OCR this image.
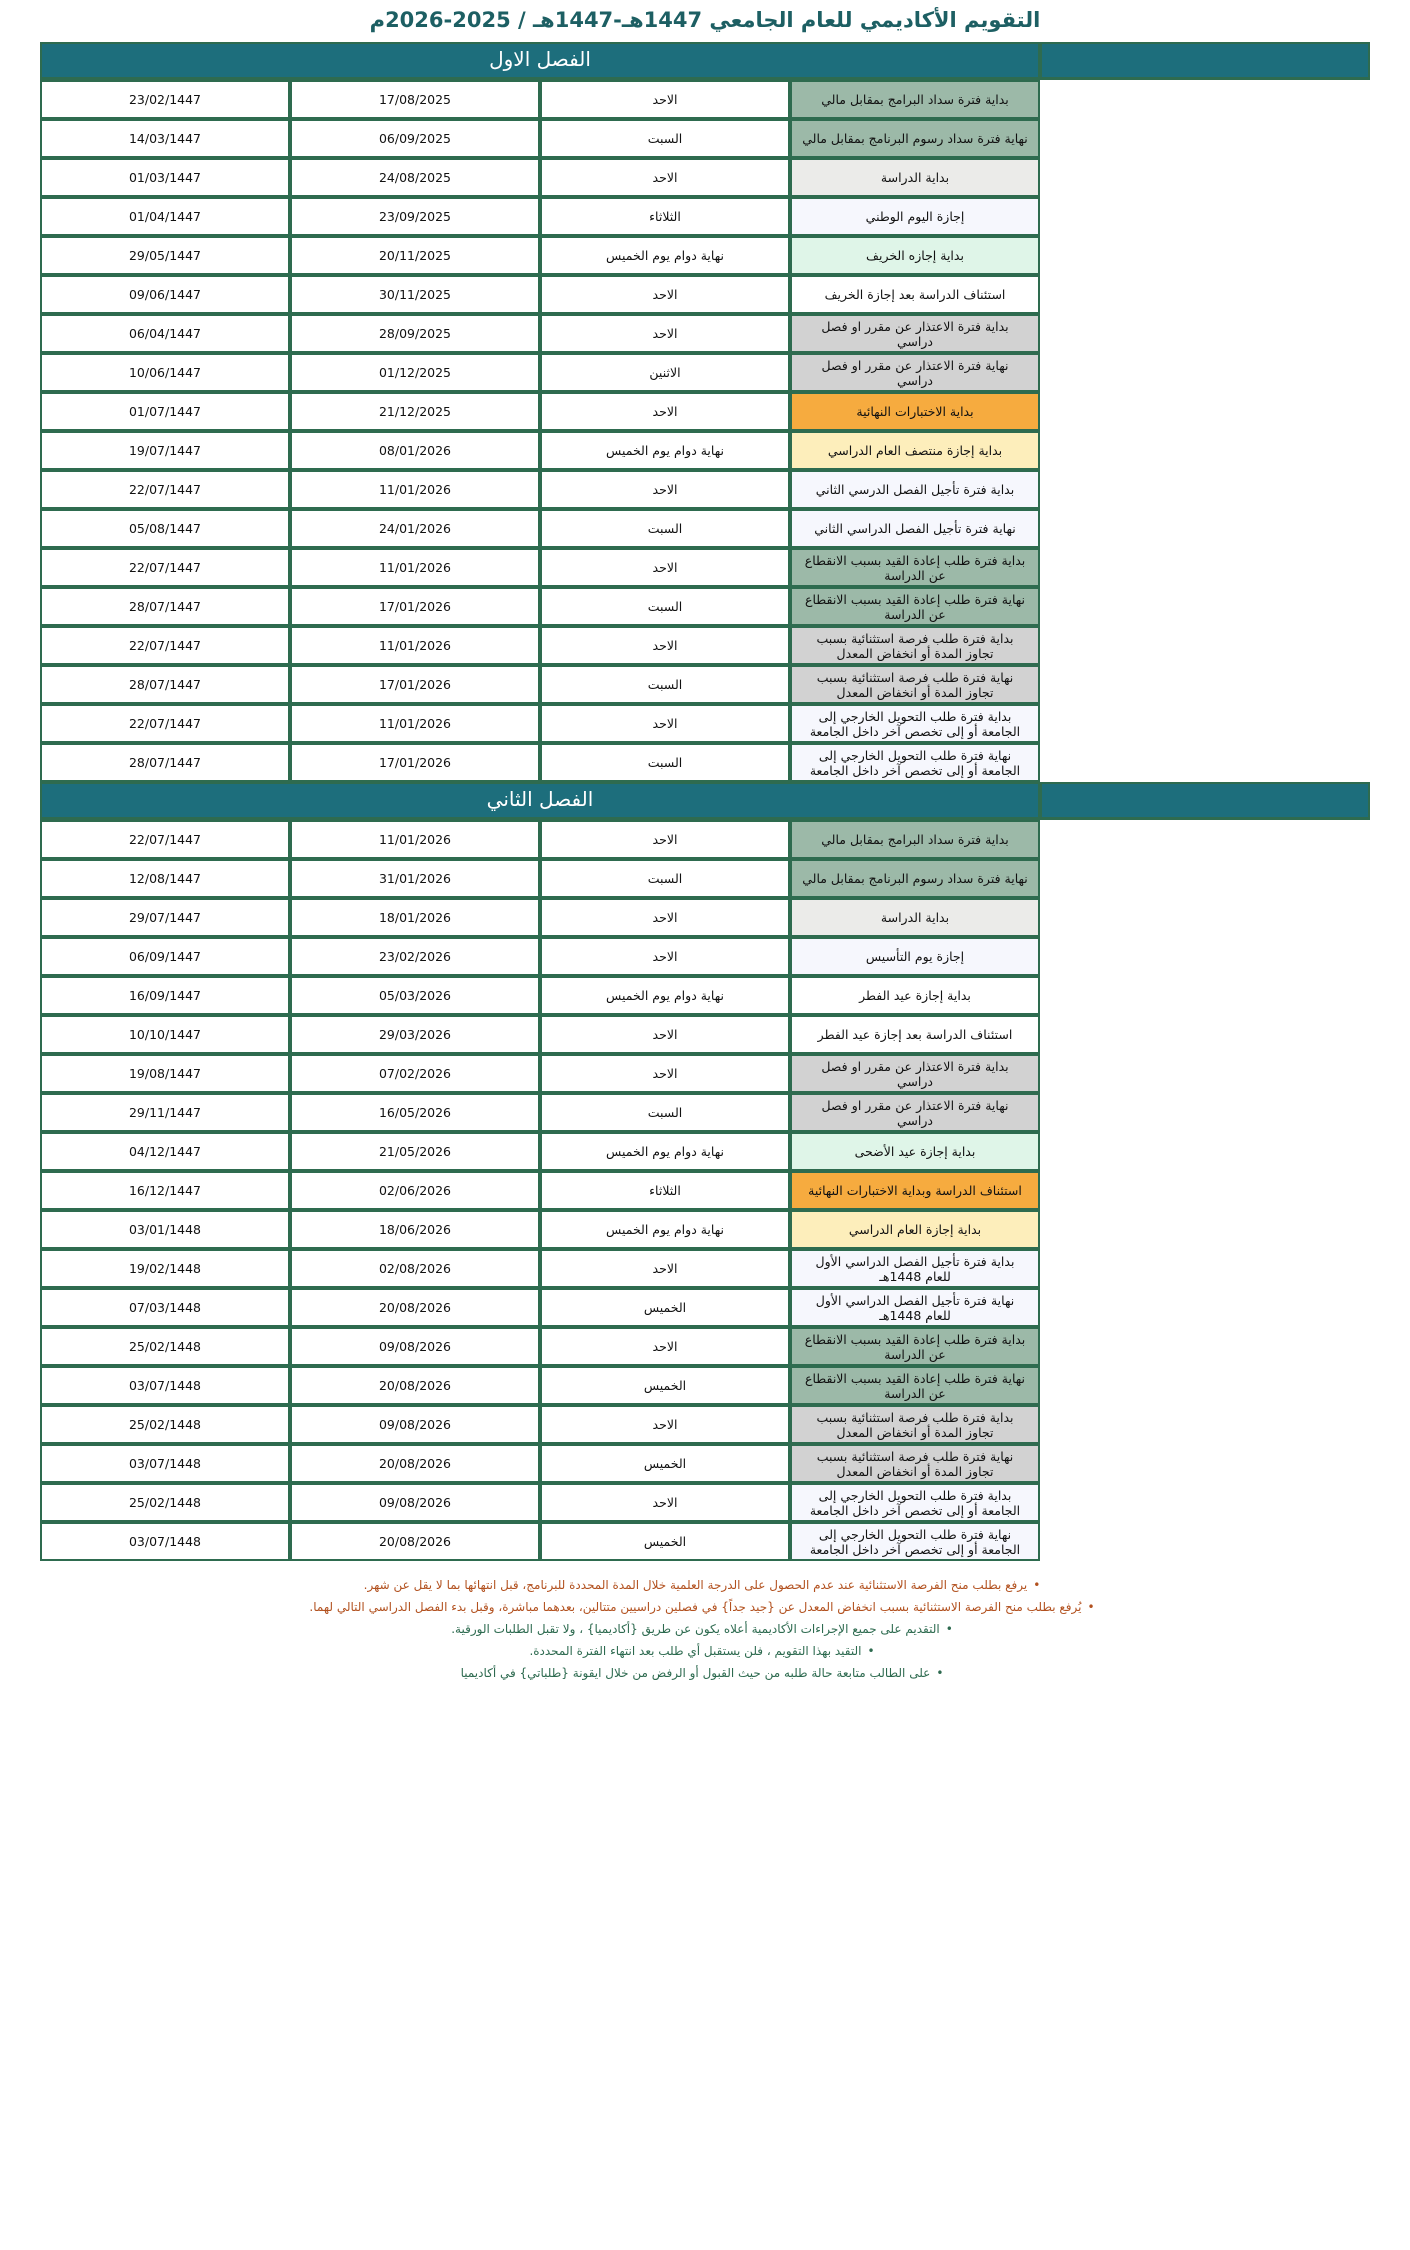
التقويم الأكاديمي للعام الجامعي 1447هـ-1447هـ / 2025-2026م
	الفصل الاول			
	بداية فترة سداد البرامج بمقابل مالي	الاحد	17/08/2025	23/02/1447
	نهاية فترة سداد رسوم البرنامج بمقابل مالي	السبت	06/09/2025	14/03/1447
	بداية الدراسة	الاحد	24/08/2025	01/03/1447
	إجازة اليوم الوطني	الثلاثاء	23/09/2025	01/04/1447
	بداية إجازه الخريف	نهاية دوام يوم الخميس	20/11/2025	29/05/1447
	استئناف الدراسة بعد إجازة الخريف	الاحد	30/11/2025	09/06/1447
	بداية فترة الاعتذار عن مقرر او فصل دراسي	الاحد	28/09/2025	06/04/1447
	نهاية فترة الاعتذار عن مقرر او فصل دراسي	الاثنين	01/12/2025	10/06/1447
	بداية الاختبارات النهائية	الاحد	21/12/2025	01/07/1447
	بداية إجازة منتصف العام الدراسي	نهاية دوام يوم الخميس	08/01/2026	19/07/1447
	بداية فترة تأجيل الفصل الدرسي الثاني	الاحد	11/01/2026	22/07/1447
	نهاية فترة تأجيل الفصل الدراسي الثاني	السبت	24/01/2026	05/08/1447
	بداية فترة طلب إعادة القيد بسبب الانقطاع عن الدراسة	الاحد	11/01/2026	22/07/1447
	نهاية فترة طلب إعادة القيد بسبب الانقطاع عن الدراسة	السبت	17/01/2026	28/07/1447
	بداية فترة طلب فرصة استثنائية بسبب تجاوز المدة أو انخفاض المعدل	الاحد	11/01/2026	22/07/1447
	نهاية فترة طلب فرصة استثنائية بسبب تجاوز المدة أو انخفاض المعدل	السبت	17/01/2026	28/07/1447
	بداية فترة طلب التحويل الخارجي إلى الجامعة أو إلى تخصص آخر داخل الجامعة	الاحد	11/01/2026	22/07/1447
	نهاية فترة طلب التحويل الخارجي إلى الجامعة أو إلى تخصص آخر داخل الجامعة	السبت	17/01/2026	28/07/1447
	الفصل الثاني			
	بداية فترة سداد البرامج بمقابل مالي	الاحد	11/01/2026	22/07/1447
	نهاية فترة سداد رسوم البرنامج بمقابل مالي	السبت	31/01/2026	12/08/1447
	بداية الدراسة	الاحد	18/01/2026	29/07/1447
	إجازة يوم التأسيس	الاحد	23/02/2026	06/09/1447
	بداية إجازة عيد الفطر	نهاية دوام يوم الخميس	05/03/2026	16/09/1447
	استئناف الدراسة بعد إجازة عيد الفطر	الاحد	29/03/2026	10/10/1447
	بداية فترة الاعتذار عن مقرر او فصل دراسي	الاحد	07/02/2026	19/08/1447
	نهاية فترة الاعتذار عن مقرر او فصل دراسي	السبت	16/05/2026	29/11/1447
	بداية إجازة عيد الأضحى	نهاية دوام يوم الخميس	21/05/2026	04/12/1447
	استئناف الدراسة وبداية الاختبارات النهائية	الثلاثاء	02/06/2026	16/12/1447
	بداية إجازة العام الدراسي	نهاية دوام يوم الخميس	18/06/2026	03/01/1448
	بداية فترة تأجيل الفصل الدراسي الأول للعام 1448هـ	الاحد	02/08/2026	19/02/1448
	نهاية فترة تأجيل الفصل الدراسي الأول للعام 1448هـ	الخميس	20/08/2026	07/03/1448
	بداية فترة طلب إعادة القيد بسبب الانقطاع عن الدراسة	الاحد	09/08/2026	25/02/1448
	نهاية فترة طلب إعادة القيد بسبب الانقطاع عن الدراسة	الخميس	20/08/2026	03/07/1448
	بداية فترة طلب فرصة استثنائية بسبب تجاوز المدة أو انخفاض المعدل	الاحد	09/08/2026	25/02/1448
	نهاية فترة طلب فرصة استثنائية بسبب تجاوز المدة أو انخفاض المعدل	الخميس	20/08/2026	03/07/1448
	بداية فترة طلب التحويل الخارجي إلى الجامعة أو إلى تخصص آخر داخل الجامعة	الاحد	09/08/2026	25/02/1448
	نهاية فترة طلب التحويل الخارجي إلى الجامعة أو إلى تخصص آخر داخل الجامعة	الخميس	20/08/2026	03/07/1448
• يرفع بطلب منح الفرصة الاستثنائية عند عدم الحصول على الدرجة العلمية خلال المدة المحددة للبرنامج، قبل انتهائها بما لا يقل عن شهر.
• يُرفع بطلب منح الفرصة الاستثنائية بسبب انخفاض المعدل عن {جيد جداً} في فصلين دراسيين متتالين، بعدهما مباشرة، وقبل بدء الفصل الدراسي التالي لهما.
• التقديم على جميع الإجراءات الأكاديمية أعلاه يكون عن طريق {أكاديميا} ، ولا تقبل الطلبات الورقية.
• التقيد بهذا التقويم ، فلن يستقبل أي طلب بعد انتهاء الفترة المحددة.
• على الطالب متابعة حالة طلبه من حيث القبول أو الرفض من خلال ايقونة {طلباتي} في أكاديميا
